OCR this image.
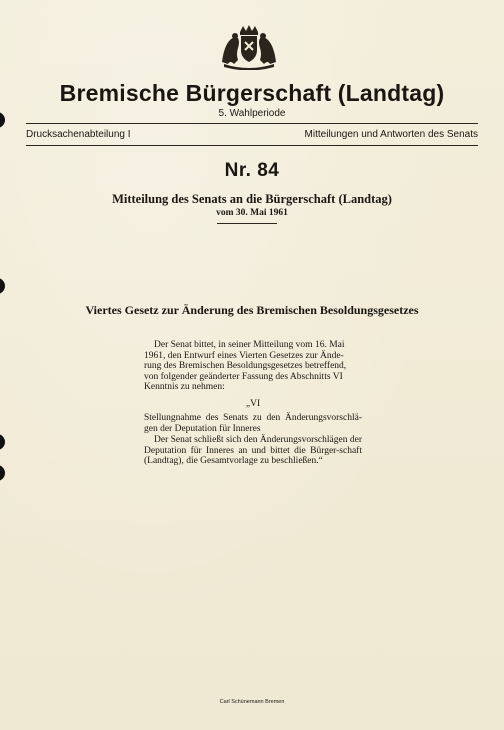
Bremische Bürgerschaft (Landtag)
5. Wahlperiode
Drucksachenabteilung I	Mitteilungen und Antworten des Senats
Nr. 84
Mitteilung des Senats an die Bürgerschaft (Landtag)
vom 30. Mai 1961
Viertes Gesetz zur Änderung des Bremischen Besoldungsgesetzes
Der Senat bittet, in seiner Mitteilung vom 16. Mai
1961, den Entwurf eines Vierten Gesetzes zur Ände-
rung des Bremischen Besoldungsgesetzes betreffend,
von folgender geänderter Fassung des Abschnitts VI
Kenntnis zu nehmen:
„VI
Stellungnahme des Senats zu den Änderungsvorschlä-gen der Deputation für Inneres
Der Senat schließt sich den Änderungsvorschlägen der Deputation für Inneres an und bittet die Bürger-schaft (Landtag), die Gesamtvorlage zu beschließen.“
Carl Schünemann Bremen
